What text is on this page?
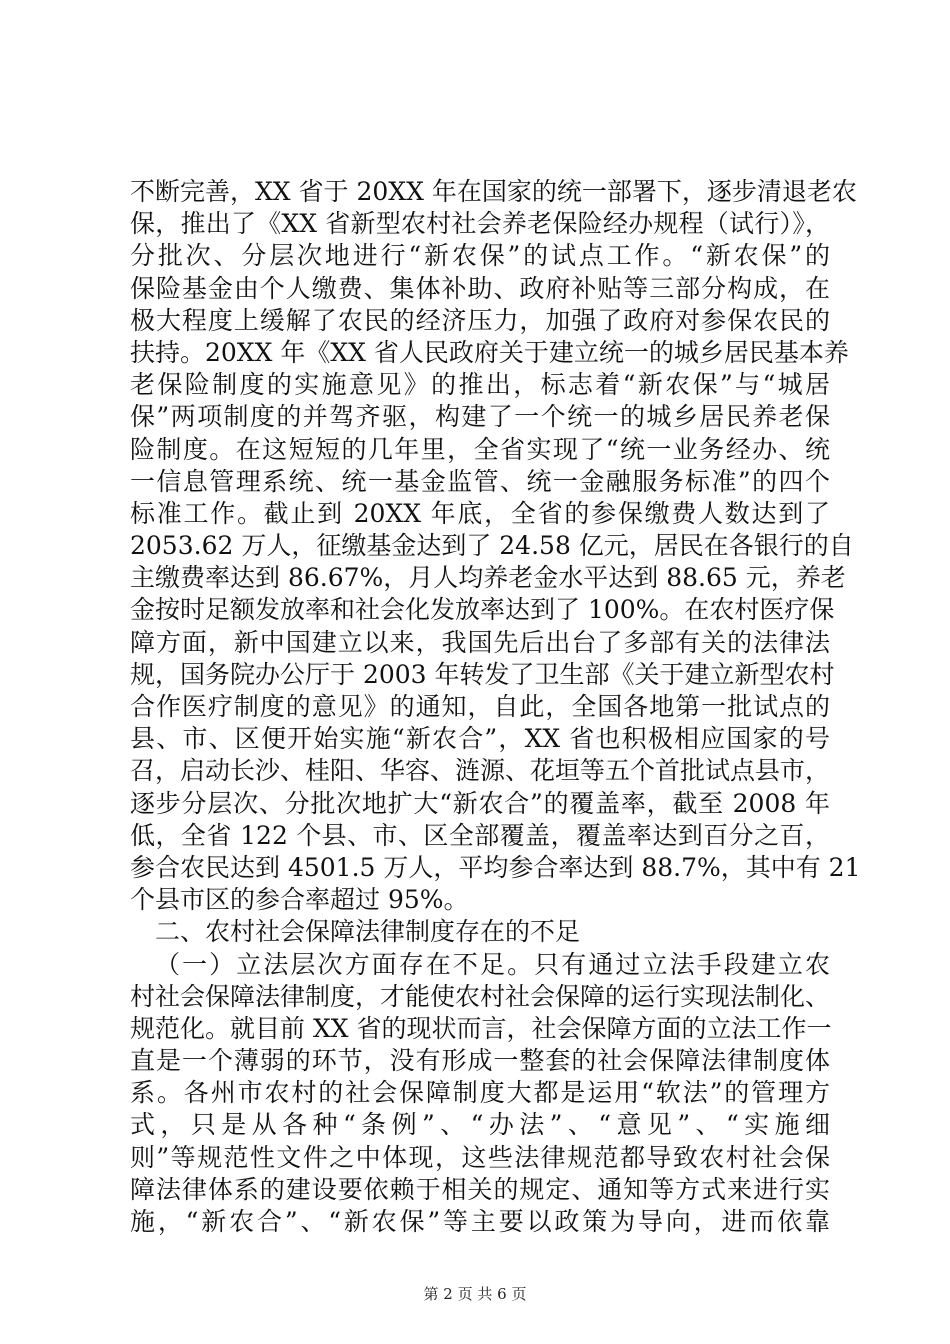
不断完善，XX 省于 20XX 年在国家的统一部署下，逐步清退老农
保，推出了《XX 省新型农村社会养老保险经办规程（试行）》，
分批次、分层次地进行“新农保”的试点工作。“新农保”的
保险基金由个人缴费、集体补助、政府补贴等三部分构成，在
极大程度上缓解了农民的经济压力，加强了政府对参保农民的
扶持。20XX 年《XX 省人民政府关于建立统一的城乡居民基本养
老保险制度的实施意见》的推出，标志着“新农保”与“城居
保”两项制度的并驾齐驱，构建了一个统一的城乡居民养老保
险制度。在这短短的几年里，全省实现了“统一业务经办、统
一信息管理系统、统一基金监管、统一金融服务标准”的四个
标准工作。截止到 20XX 年底，全省的参保缴费人数达到了
2053.62 万人，征缴基金达到了 24.58 亿元，居民在各银行的自
主缴费率达到 86.67%，月人均养老金水平达到 88.65 元，养老
金按时足额发放率和社会化发放率达到了 100%。在农村医疗保
障方面，新中国建立以来，我国先后出台了多部有关的法律法
规，国务院办公厅于 2003 年转发了卫生部《关于建立新型农村
合作医疗制度的意见》的通知，自此，全国各地第一批试点的
县、市、区便开始实施“新农合”，XX 省也积极相应国家的号
召，启动长沙、桂阳、华容、涟源、花垣等五个首批试点县市，
逐步分层次、分批次地扩大“新农合”的覆盖率，截至 2008 年
低，全省 122 个县、市、区全部覆盖，覆盖率达到百分之百，
参合农民达到 4501.5 万人，平均参合率达到 88.7%，其中有 21
个县市区的参合率超过 95%。
二、农村社会保障法律制度存在的不足
（一）立法层次方面存在不足。只有通过立法手段建立农
村社会保障法律制度，才能使农村社会保障的运行实现法制化、
规范化。就目前 XX 省的现状而言，社会保障方面的立法工作一
直是一个薄弱的环节，没有形成一整套的社会保障法律制度体
系。各州市农村的社会保障制度大都是运用“软法”的管理方
式，只是从各种“条例”、“办法”、“意见”、“实施细
则”等规范性文件之中体现，这些法律规范都导致农村社会保
障法律体系的建设要依赖于相关的规定、通知等方式来进行实
施，“新农合”、“新农保”等主要以政策为导向，进而依靠
第 2 页 共 6 页
